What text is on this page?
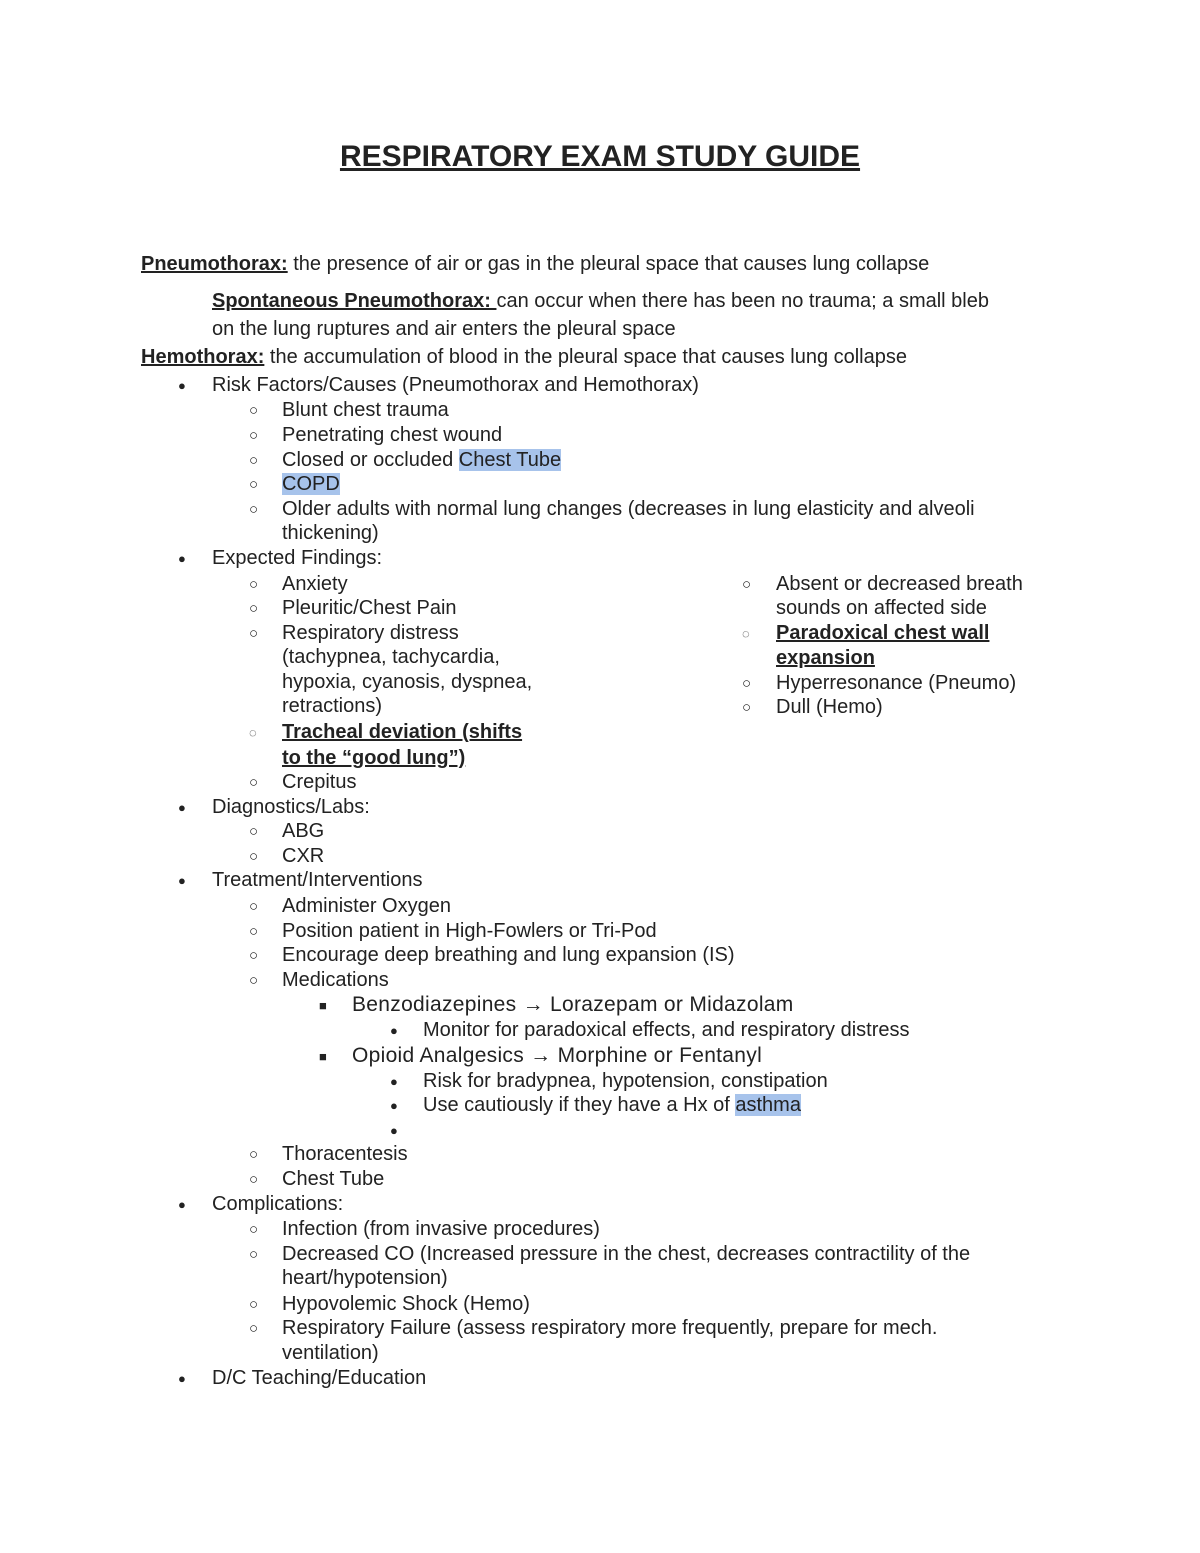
RESPIRATORY EXAM STUDY GUIDE
Pneumothorax: the presence of air or gas in the pleural space that causes lung collapse
Spontaneous Pneumothorax: can occur when there has been no trauma; a small bleb
on the lung ruptures and air enters the pleural space
Hemothorax: the accumulation of blood in the pleural space that causes lung collapse
●
Risk Factors/Causes (Pneumothorax and Hemothorax)
○
Blunt chest trauma
○
Penetrating chest wound
○
Closed or occluded Chest Tube
○
COPD
○
Older adults with normal lung changes (decreases in lung elasticity and alveoli
thickening)
●
Expected Findings:
○
Anxiety
○
Pleuritic/Chest Pain
○
Respiratory distress
(tachypnea, tachycardia,
hypoxia, cyanosis, dyspnea,
retractions)
◌
Tracheal deviation (shifts
to the “good lung”)
○
Crepitus
○
Absent or decreased breath
sounds on affected side
◌
Paradoxical chest wall
expansion
○
Hyperresonance (Pneumo)
○
Dull (Hemo)
●
Diagnostics/Labs:
○
ABG
○
CXR
●
Treatment/Interventions
○
Administer Oxygen
○
Position patient in High-Fowlers or Tri-Pod
○
Encourage deep breathing and lung expansion (IS)
○
Medications
■
Benzodiazepines → Lorazepam or Midazolam
●
Monitor for paradoxical effects, and respiratory distress
■
Opioid Analgesics → Morphine or Fentanyl
●
Risk for bradypnea, hypotension, constipation
●
Use cautiously if they have a Hx of asthma
●
○
Thoracentesis
○
Chest Tube
●
Complications:
○
Infection (from invasive procedures)
○
Decreased CO (Increased pressure in the chest, decreases contractility of the
heart/hypotension)
○
Hypovolemic Shock (Hemo)
○
Respiratory Failure (assess respiratory more frequently, prepare for mech.
ventilation)
●
D/C Teaching/Education
